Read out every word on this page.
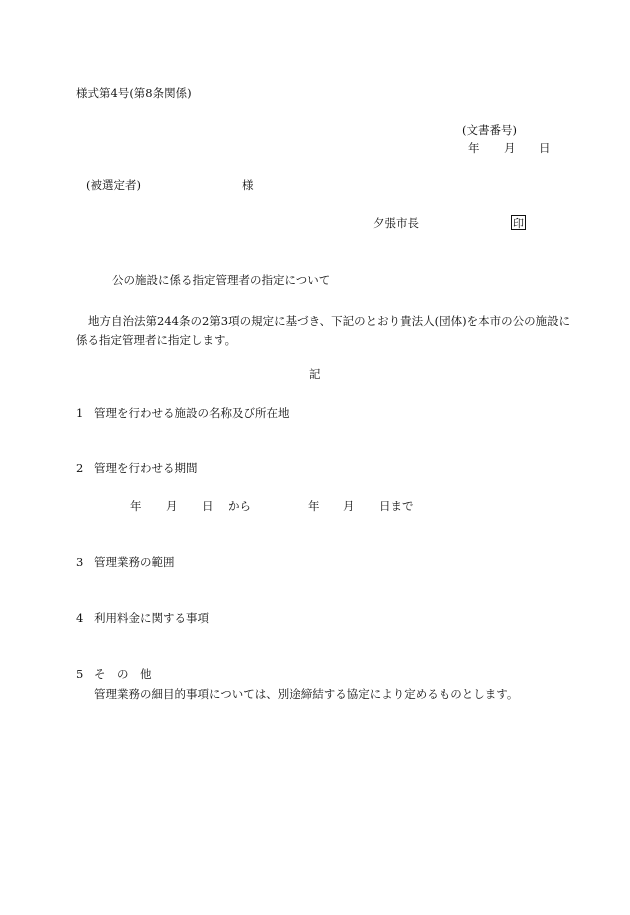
様式第4号(第8条関係)
(文書番号)
年 月 日
(被選定者)	様
夕張市長	印
公の施設に係る指定管理者の指定について
地方自治法第244条の2第3項の規定に基づき、下記のとおり貴法人(団体)を本市の公の施設に係る指定管理者に指定します。
記
1 管理を行わせる施設の名称及び所在地
2 管理を行わせる期間
年 月 日 から	年 月 日まで
3 管理業務の範囲
4 利用料金に関する事項
5 そ　の　他
管理業務の細目的事項については、別途締結する協定により定めるものとします。
